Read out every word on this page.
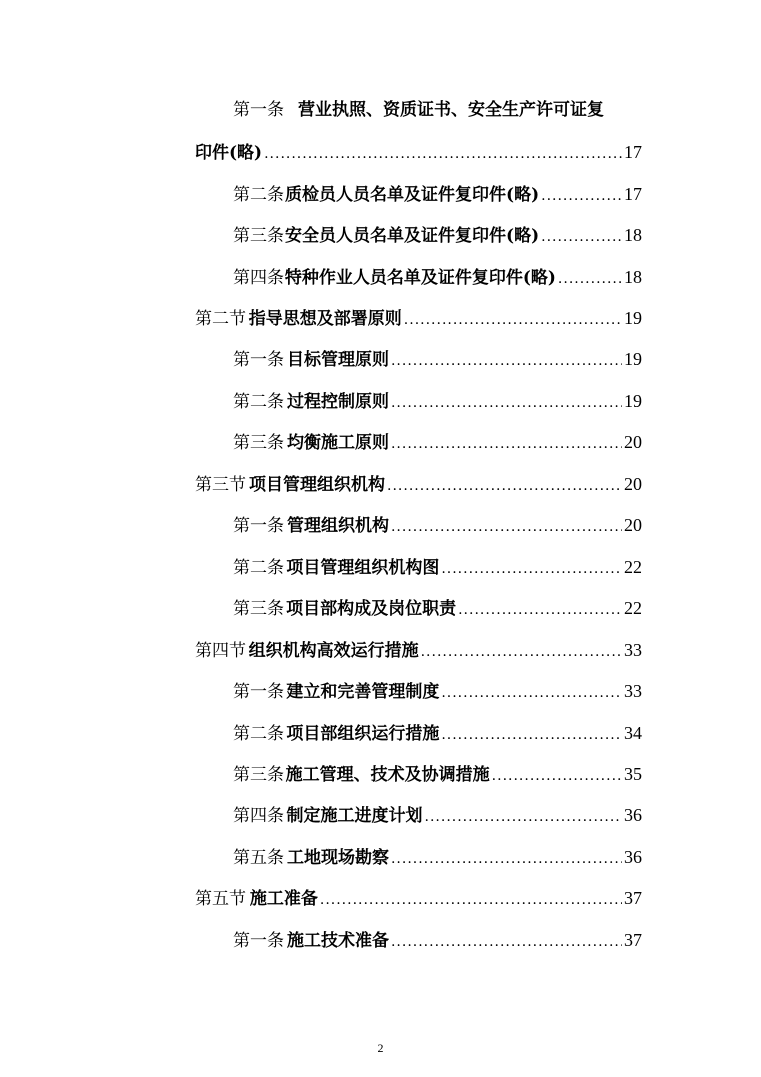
第一条 营业执照、资质证书、安全生产许可证复
印件(略) .....	17
第二条 质检员人员名单及证件复印件(略) .....	17
第三条 安全员人员名单及证件复印件(略) .....	18
第四条 特种作业人员名单及证件复印件(略) .....	18
第二节 指导思想及部署原则 .....	19
第一条 目标管理原则 .....	19
第二条 过程控制原则 .....	19
第三条 均衡施工原则 .....	20
第三节 项目管理组织机构 .....	20
第一条 管理组织机构 .....	20
第二条 项目管理组织机构图 .....	22
第三条 项目部构成及岗位职责 .....	22
第四节 组织机构高效运行措施 .....	33
第一条 建立和完善管理制度 .....	33
第二条 项目部组织运行措施 .....	34
第三条 施工管理、技术及协调措施 .....	35
第四条 制定施工进度计划 .....	36
第五条 工地现场勘察 .....	36
第五节 施工准备 .....	37
第一条 施工技术准备 .....	37
2
